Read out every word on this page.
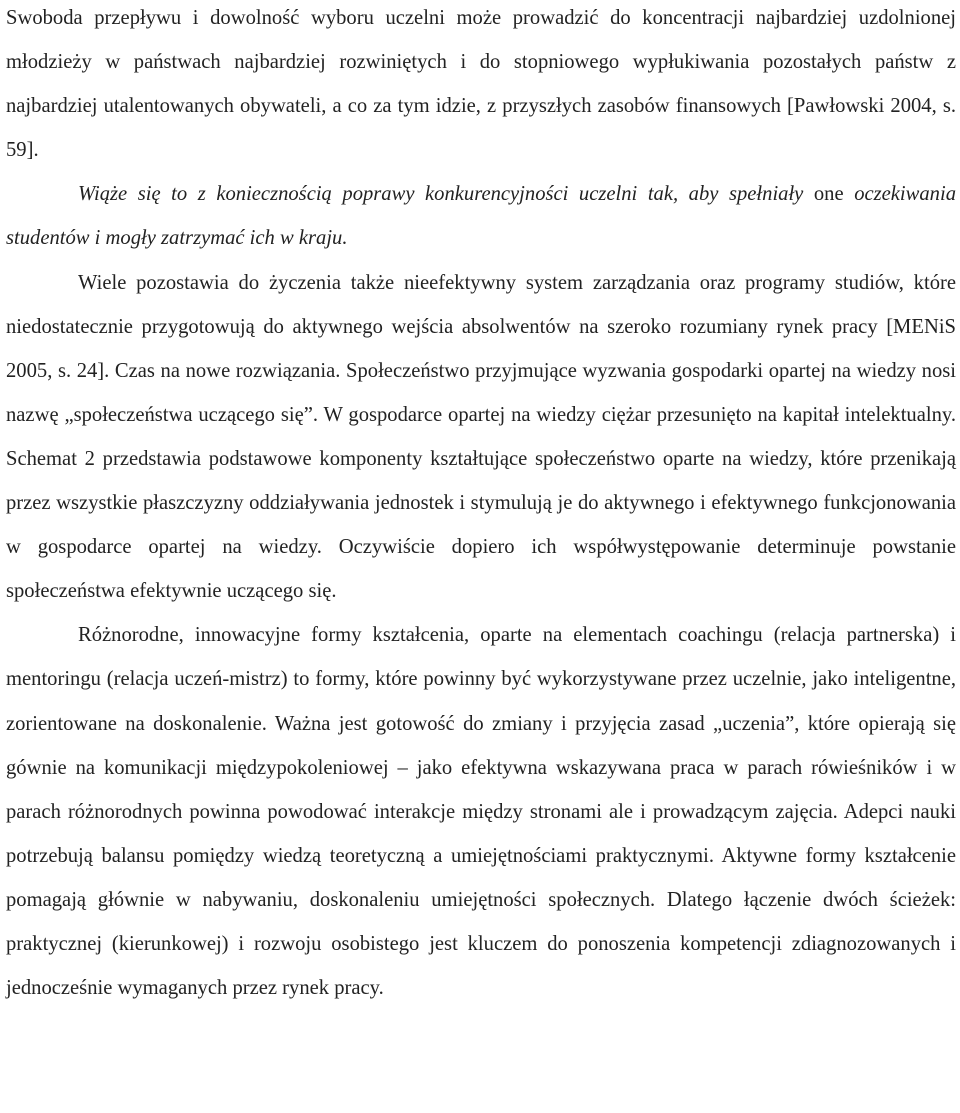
Swoboda przepływu i dowolność wyboru uczelni może prowadzić do koncentracji najbardziej uzdolnionej młodzieży w państwach najbardziej rozwiniętych i do stopniowego wypłukiwania pozostałych państw z najbardziej utalentowanych obywateli, a co za tym idzie, z przyszłych zasobów finansowych [Pawłowski 2004, s. 59].

Wiąże się to z koniecznością poprawy konkurencyjności uczelni tak, aby spełniały one oczekiwania studentów i mogły zatrzymać ich w kraju.

Wiele pozostawia do życzenia także nieefektywny system zarządzania oraz programy studiów, które niedostatecznie przygotowują do aktywnego wejścia absolwentów na szeroko rozumiany rynek pracy [MENiS 2005, s. 24]. Czas na nowe rozwiązania. Społeczeństwo przyjmujące wyzwania gospodarki opartej na wiedzy nosi nazwę „społeczeństwa uczącego się”. W gospodarce opartej na wiedzy ciężar przesunięto na kapitał intelektualny. Schemat 2 przedstawia podstawowe komponenty kształtujące społeczeństwo oparte na wiedzy, które przenikają przez wszystkie płaszczyzny oddziaływania jednostek i stymulują je do aktywnego i efektywnego funkcjonowania w gospodarce opartej na wiedzy. Oczywiście dopiero ich współwystępowanie determinuje powstanie społeczeństwa efektywnie uczącego się.

Różnorodne, innowacyjne formy kształcenia, oparte na elementach coachingu (relacja partnerska) i mentoringu (relacja uczeń-mistrz) to formy, które powinny być wykorzystywane przez uczelnie, jako inteligentne, zorientowane na doskonalenie. Ważna jest gotowość do zmiany i przyjęcia zasad „uczenia”, które opierają się gównie na komunikacji międzypokoleniowej – jako efektywna wskazywana praca w parach rówieśników i w parach różnorodnych powinna powodować interakcje między stronami ale i prowadzącym zajęcia. Adepci nauki potrzebują balansu pomiędzy wiedzą teoretyczną a umiejętnościami praktycznymi. Aktywne formy kształcenie pomagają głównie w nabywaniu, doskonaleniu umiejętności społecznych. Dlatego łączenie dwóch ścieżek: praktycznej (kierunkowej) i rozwoju osobistego jest kluczem do ponoszenia kompetencji zdiagnozowanych i jednocześnie wymaganych przez rynek pracy.
